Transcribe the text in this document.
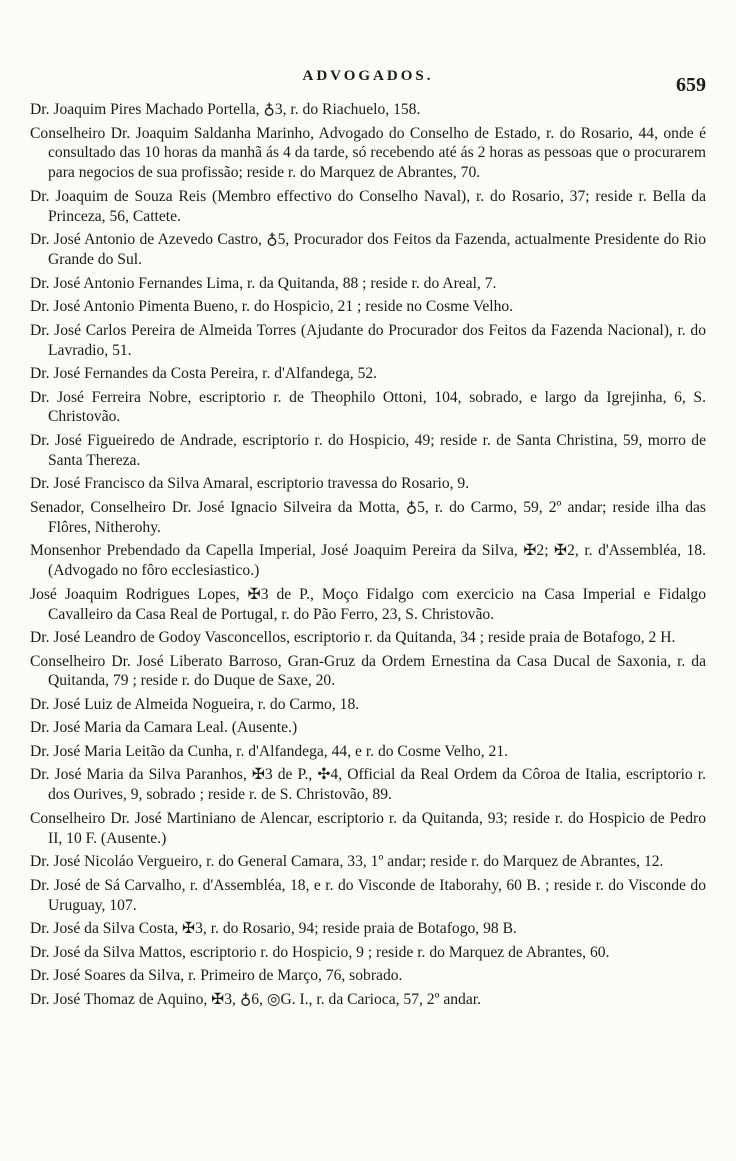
ADVOGADOS.	659

Dr. Joaquim Pires Machado Portella, ♁3, r. do Riachuelo, 158.

Conselheiro Dr. Joaquim Saldanha Marinho, Advogado do Conselho de Estado, r. do Rosario, 44, onde é consultado das 10 horas da manhã ás 4 da tarde, só recebendo até ás 2 horas as pessoas que o procurarem para negocios de sua profissão; reside r. do Marquez de Abrantes, 70.

Dr. Joaquim de Souza Reis (Membro effectivo do Conselho Naval), r. do Rosario, 37; reside r. Bella da Princeza, 56, Cattete.

Dr. José Antonio de Azevedo Castro, ♁5, Procurador dos Feitos da Fazenda, actualmente Presidente do Rio Grande do Sul.

Dr. José Antonio Fernandes Lima, r. da Quitanda, 88 ; reside r. do Areal, 7.

Dr. José Antonio Pimenta Bueno, r. do Hospicio, 21 ; reside no Cosme Velho.

Dr. José Carlos Pereira de Almeida Torres (Ajudante do Procurador dos Feitos da Fazenda Nacional), r. do Lavradio, 51.

Dr. José Fernandes da Costa Pereira, r. d'Alfandega, 52.

Dr. José Ferreira Nobre, escriptorio r. de Theophilo Ottoni, 104, sobrado, e largo da Igrejinha, 6, S. Christovão.

Dr. José Figueiredo de Andrade, escriptorio r. do Hospicio, 49; reside r. de Santa Christina, 59, morro de Santa Thereza.

Dr. José Francisco da Silva Amaral, escriptorio travessa do Rosario, 9.

Senador, Conselheiro Dr. José Ignacio Silveira da Motta, ♁5, r. do Carmo, 59, 2º andar; reside ilha das Flôres, Nitherohy.

Monsenhor Prebendado da Capella Imperial, José Joaquim Pereira da Silva, ✠2; ✠2, r. d'Assembléa, 18. (Advogado no fôro ecclesiastico.)

José Joaquim Rodrigues Lopes, ✠3 de P., Moço Fidalgo com exercicio na Casa Imperial e Fidalgo Cavalleiro da Casa Real de Portugal, r. do Pão Ferro, 23, S. Christovão.

Dr. José Leandro de Godoy Vasconcellos, escriptorio r. da Quitanda, 34 ; reside praia de Botafogo, 2 H.

Conselheiro Dr. José Liberato Barroso, Gran-Gruz da Ordem Ernestina da Casa Ducal de Saxonia, r. da Quitanda, 79 ; reside r. do Duque de Saxe, 20.

Dr. José Luiz de Almeida Nogueira, r. do Carmo, 18.

Dr. José Maria da Camara Leal. (Ausente.)

Dr. José Maria Leitão da Cunha, r. d'Alfandega, 44, e r. do Cosme Velho, 21.

Dr. José Maria da Silva Paranhos, ✠3 de P., ✣4, Official da Real Ordem da Côroa de Italia, escriptorio r. dos Ourives, 9, sobrado ; reside r. de S. Christovão, 89.

Conselheiro Dr. José Martiniano de Alencar, escriptorio r. da Quitanda, 93; reside r. do Hospicio de Pedro II, 10 F. (Ausente.)

Dr. José Nicoláo Vergueiro, r. do General Camara, 33, 1º andar; reside r. do Marquez de Abrantes, 12.

Dr. José de Sá Carvalho, r. d'Assembléa, 18, e r. do Visconde de Itaborahy, 60 B. ; reside r. do Visconde do Uruguay, 107.

Dr. José da Silva Costa, ✠3, r. do Rosario, 94; reside praia de Botafogo, 98 B.

Dr. José da Silva Mattos, escriptorio r. do Hospicio, 9 ; reside r. do Marquez de Abrantes, 60.

Dr. José Soares da Silva, r. Primeiro de Março, 76, sobrado.

Dr. José Thomaz de Aquino, ✠3, ♁6, ◎G. I., r. da Carioca, 57, 2º andar.
